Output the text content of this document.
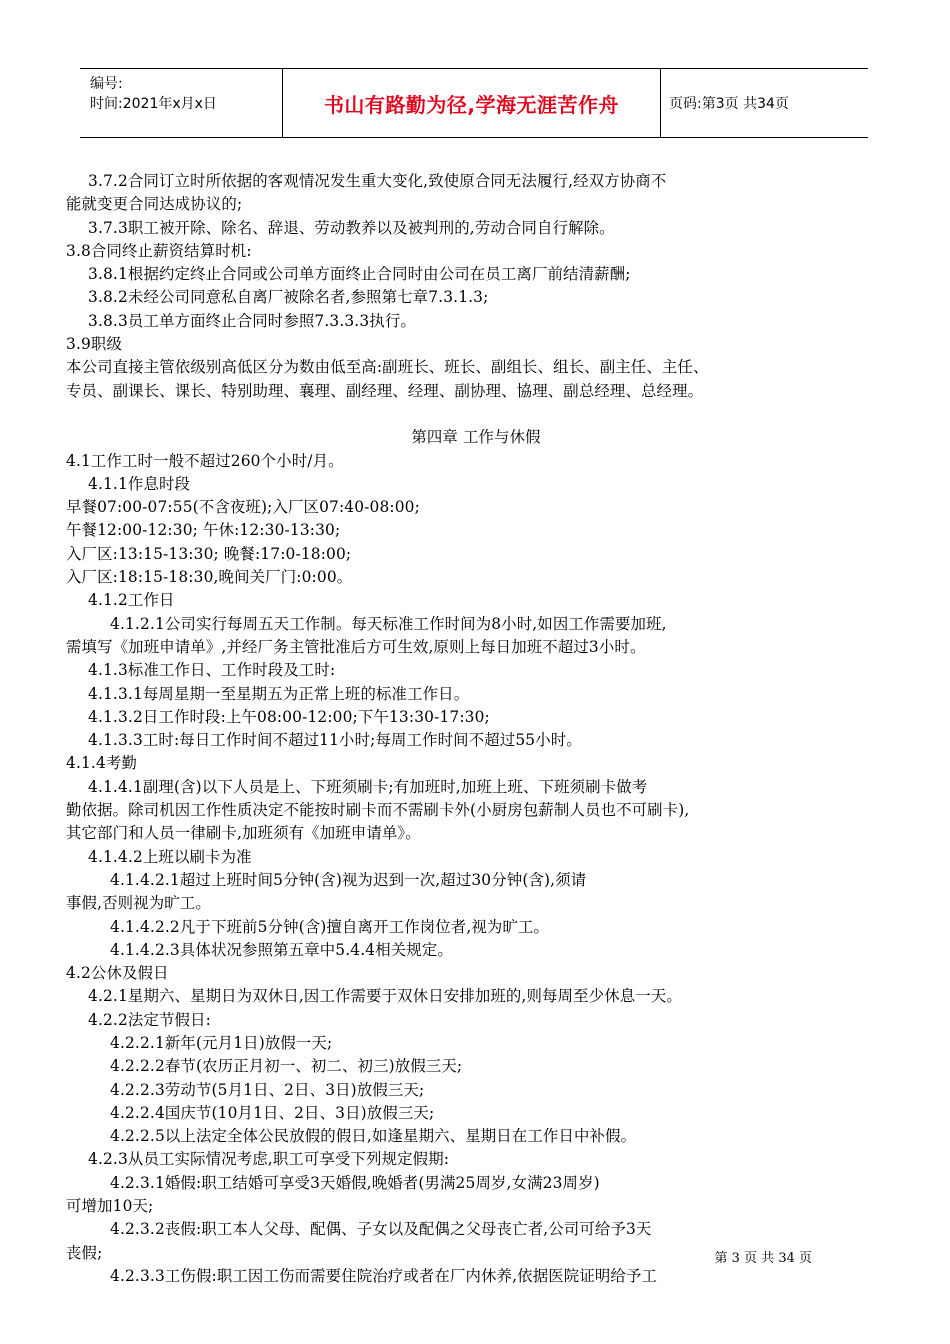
编号:
时间:2021年x月x日	书山有路勤为径,学海无涯苦作舟	页码:第3页 共34页
3.7.2合同订立时所依据的客观情况发生重大变化,致使原合同无法履行,经双方协商不
能就变更合同达成协议的;
3.7.3职工被开除、除名、辞退、劳动教养以及被判刑的,劳动合同自行解除。
3.8合同终止薪资结算时机:
3.8.1根据约定终止合同或公司单方面终止合同时由公司在员工离厂前结清薪酬;
3.8.2未经公司同意私自离厂被除名者,参照第七章7.3.1.3;
3.8.3员工单方面终止合同时参照7.3.3.3执行。
3.9职级
本公司直接主管依级别高低区分为数由低至高:副班长、班长、副组长、组长、副主任、主任、
专员、副课长、课长、特别助理、襄理、副经理、经理、副协理、協理、副总经理、总经理。
第四章 工作与休假
4.1工作工时一般不超过260个小时/月。
4.1.1作息时段
早餐07:00-07:55(不含夜班);入厂区07:40-08:00;
午餐12:00-12:30; 午休:12:30-13:30;
入厂区:13:15-13:30; 晚餐:17:0-18:00;
入厂区:18:15-18:30,晚间关厂门:0:00。
4.1.2工作日
4.1.2.1公司实行每周五天工作制。每天标准工作时间为8小时,如因工作需要加班,
需填写《加班申请单》,并经厂务主管批准后方可生效,原则上每日加班不超过3小时。
4.1.3标准工作日、工作时段及工时:
4.1.3.1每周星期一至星期五为正常上班的标准工作日。
4.1.3.2日工作时段:上午08:00-12:00;下午13:30-17:30;
4.1.3.3工时:每日工作时间不超过11小时;每周工作时间不超过55小时。
4.1.4考勤
4.1.4.1副理(含)以下人员是上、下班须刷卡;有加班时,加班上班、下班须刷卡做考
勤依据。除司机因工作性质决定不能按时刷卡而不需刷卡外(小厨房包薪制人员也不可刷卡),
其它部门和人员一律刷卡,加班须有《加班申请单》。
4.1.4.2上班以刷卡为准
4.1.4.2.1超过上班时间5分钟(含)视为迟到一次,超过30分钟(含),须请
事假,否则视为旷工。
4.1.4.2.2凡于下班前5分钟(含)擅自离开工作岗位者,视为旷工。
4.1.4.2.3具体状况参照第五章中5.4.4相关规定。
4.2公休及假日
4.2.1星期六、星期日为双休日,因工作需要于双休日安排加班的,则每周至少休息一天。
4.2.2法定节假日:
4.2.2.1新年(元月1日)放假一天;
4.2.2.2春节(农历正月初一、初二、初三)放假三天;
4.2.2.3劳动节(5月1日、2日、3日)放假三天;
4.2.2.4国庆节(10月1日、2日、3日)放假三天;
4.2.2.5以上法定全体公民放假的假日,如逢星期六、星期日在工作日中补假。
4.2.3从员工实际情况考虑,职工可享受下列规定假期:
4.2.3.1婚假:职工结婚可享受3天婚假,晚婚者(男满25周岁,女满23周岁)
可增加10天;
4.2.3.2丧假:职工本人父母、配偶、子女以及配偶之父母丧亡者,公司可给予3天
丧假;
4.2.3.3工伤假:职工因工伤而需要住院治疗或者在厂内休养,依据医院证明给予工
第 3 页 共 34 页
